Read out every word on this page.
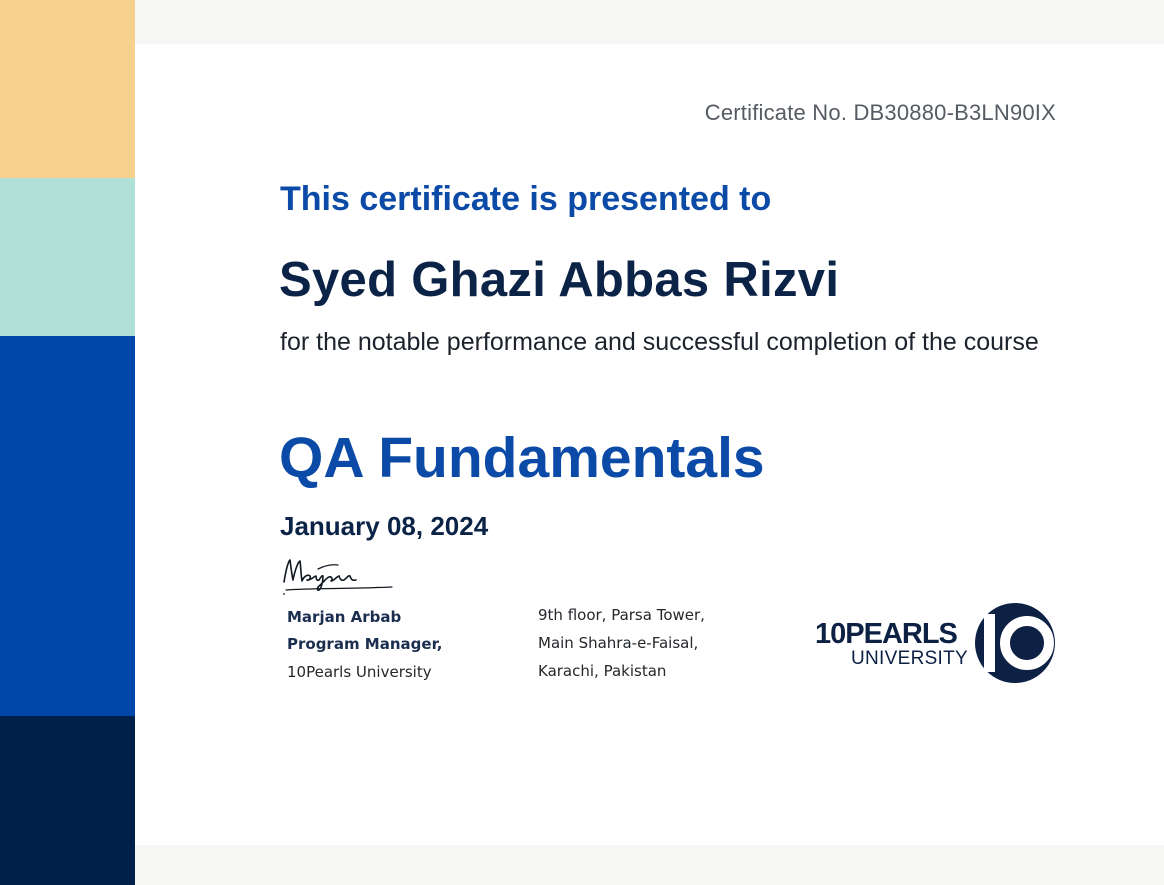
Certificate No. DB30880-B3LN90IX
This certificate is presented to
Syed Ghazi Abbas Rizvi
for the notable performance and successful completion of the course
QA Fundamentals
January 08, 2024
Marjan Arbab
Program Manager,
10Pearls University
9th floor, Parsa Tower,
Main Shahra-e-Faisal,
Karachi, Pakistan
10PEARLS
UNIVERSITY
